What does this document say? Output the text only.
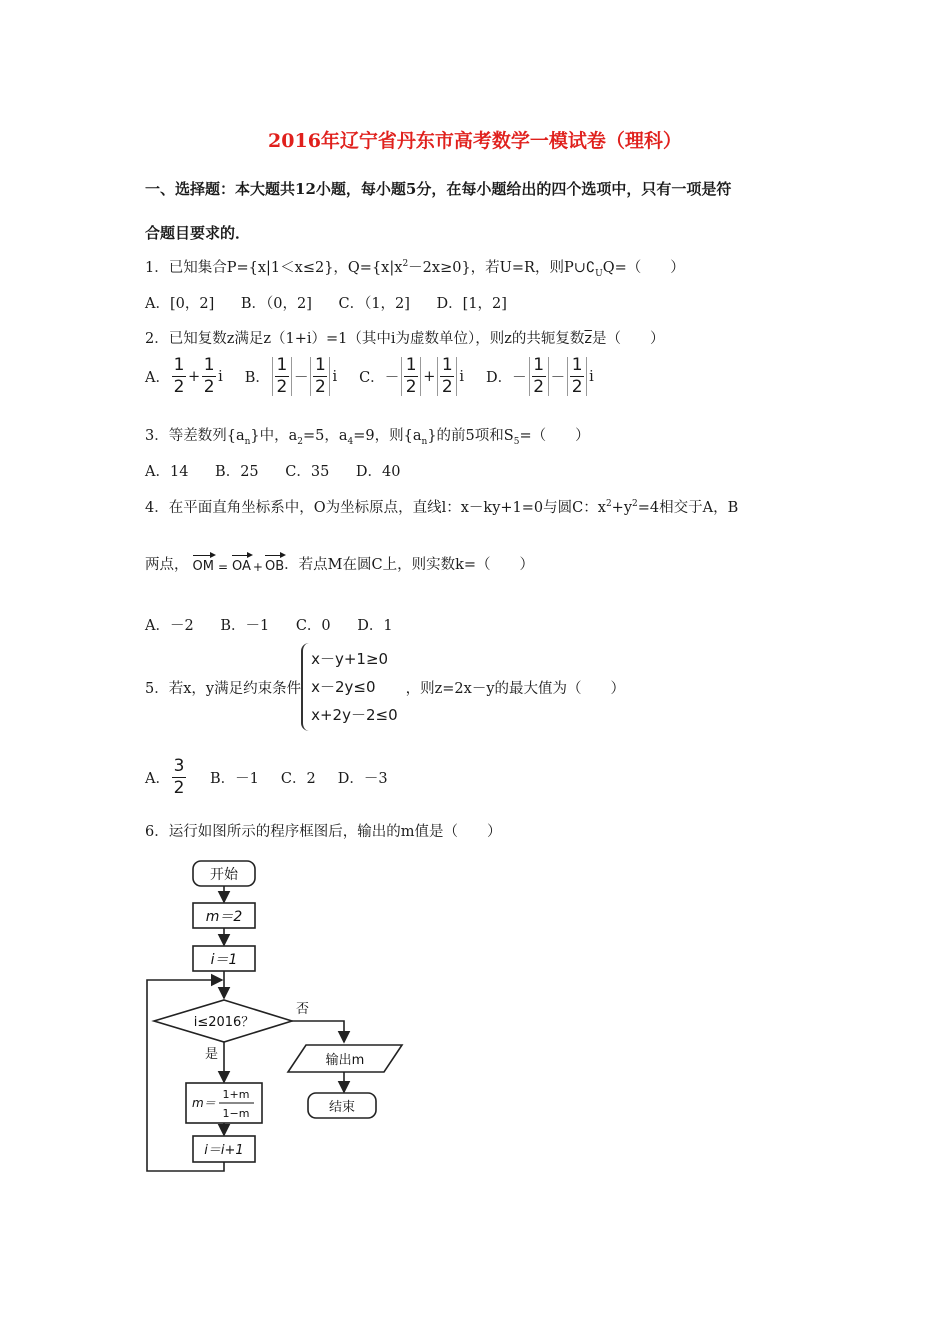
2016年辽宁省丹东市高考数学一模试卷（理科）
一、选择题：本大题共12小题，每小题5分，在每小题给出的四个选项中，只有一项是符
合题目要求的．
1．已知集合P={x|1＜x≤2}，$Q=\{x|x^2-2x\ge 0\}$，若U=R，则$P\cup∁_UQ=$（　　）
A．[0，2] B．（0，2] C．（1，2] D．[1，2]
2．已知复数z满足z（1+i）=1（其中i为虚数单位），则z的共轭复数$\overline{z}$是（　　）
A． $\frac{1}{2} + \frac{1}{2}$ i B． $\frac{1}{2} - \frac{1}{2}$ i C． － $\frac{1}{2} + \frac{1}{2}$ i D． － $\frac{1}{2} - \frac{1}{2}$ i
3．等差数列$\{a_n\}$中，$a_2=5$，$a_4=9$，则$\{a_n\}$的前5项和$S_5=$（　　）
A．14 B．25 C．35 D．40
4．在平面直角坐标系中，O为坐标原点，直线l：x－ky+1=0与圆C：$x^2+y^2=4$相交于A，B
两点， OM = OA + OB ．若点M在圆C上，则实数k=（　　）
A．－2 B．－1 C．0 D．1
5．若x，y满足约束条件
x－y+1≥0
x－2y≤0
x+2y－2≤0
，则z=2x－y的最大值为（　　）
A． $\frac{3}{2}$ B．－1 C．2 D．－3
6．运行如图所示的程序框图后，输出的m值是（　　）
开始
m＝2
i＝1
i≤2016？
否
是	输出m
结束
m＝
1+m
1−m
i＝i+1
